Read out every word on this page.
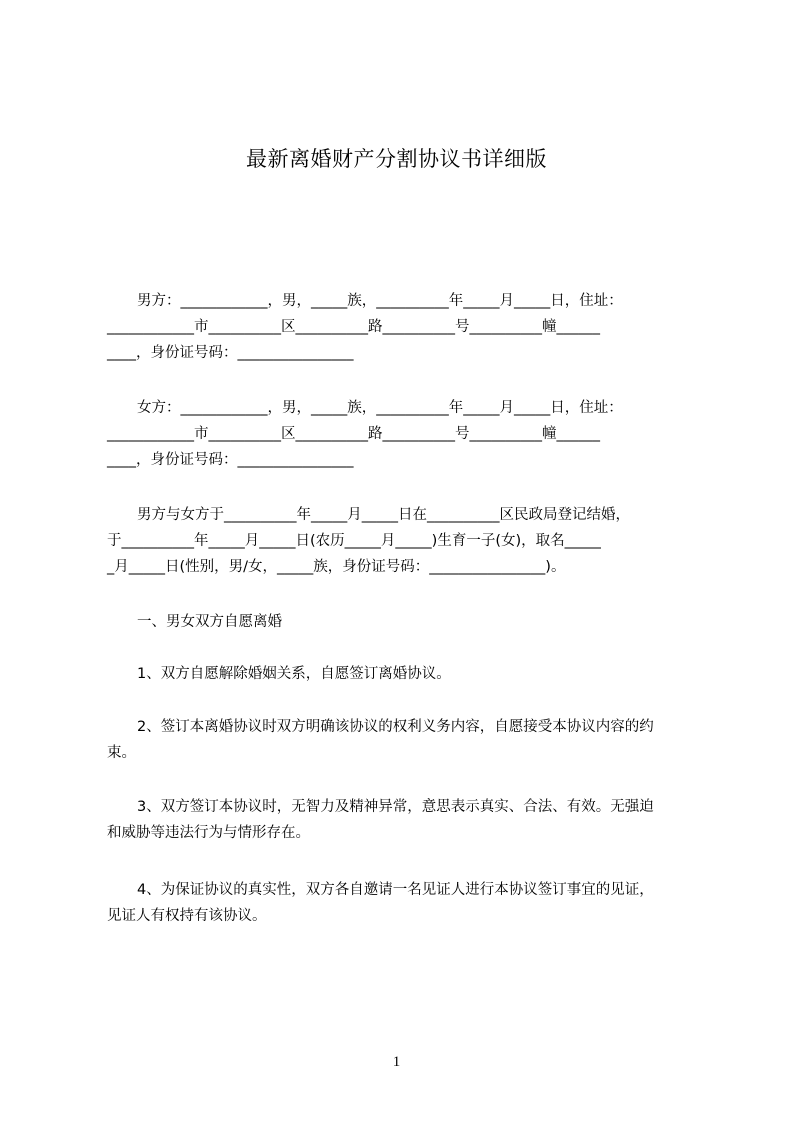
最新离婚财产分割协议书详细版
男方：____________，男，_____族，__________年_____月_____日，住址：
____________市__________区__________路__________号__________幢______
____，身份证号码：________________
女方：____________，男，_____族，__________年_____月_____日，住址：
____________市__________区__________路__________号__________幢______
____，身份证号码：________________
男方与女方于__________年_____月_____日在__________区民政局登记结婚，
于__________年_____月_____日(农历_____月_____)生育一子(女)，取名_____
_月_____日(性别，男/女，_____族，身份证号码：________________)。
一、男女双方自愿离婚
1、双方自愿解除婚姻关系，自愿签订离婚协议。
2、签订本离婚协议时双方明确该协议的权利义务内容，自愿接受本协议内容的约
束。
3、双方签订本协议时，无智力及精神异常，意思表示真实、合法、有效。无强迫
和威胁等违法行为与情形存在。
4、为保证协议的真实性，双方各自邀请一名见证人进行本协议签订事宜的见证，
见证人有权持有该协议。
1
